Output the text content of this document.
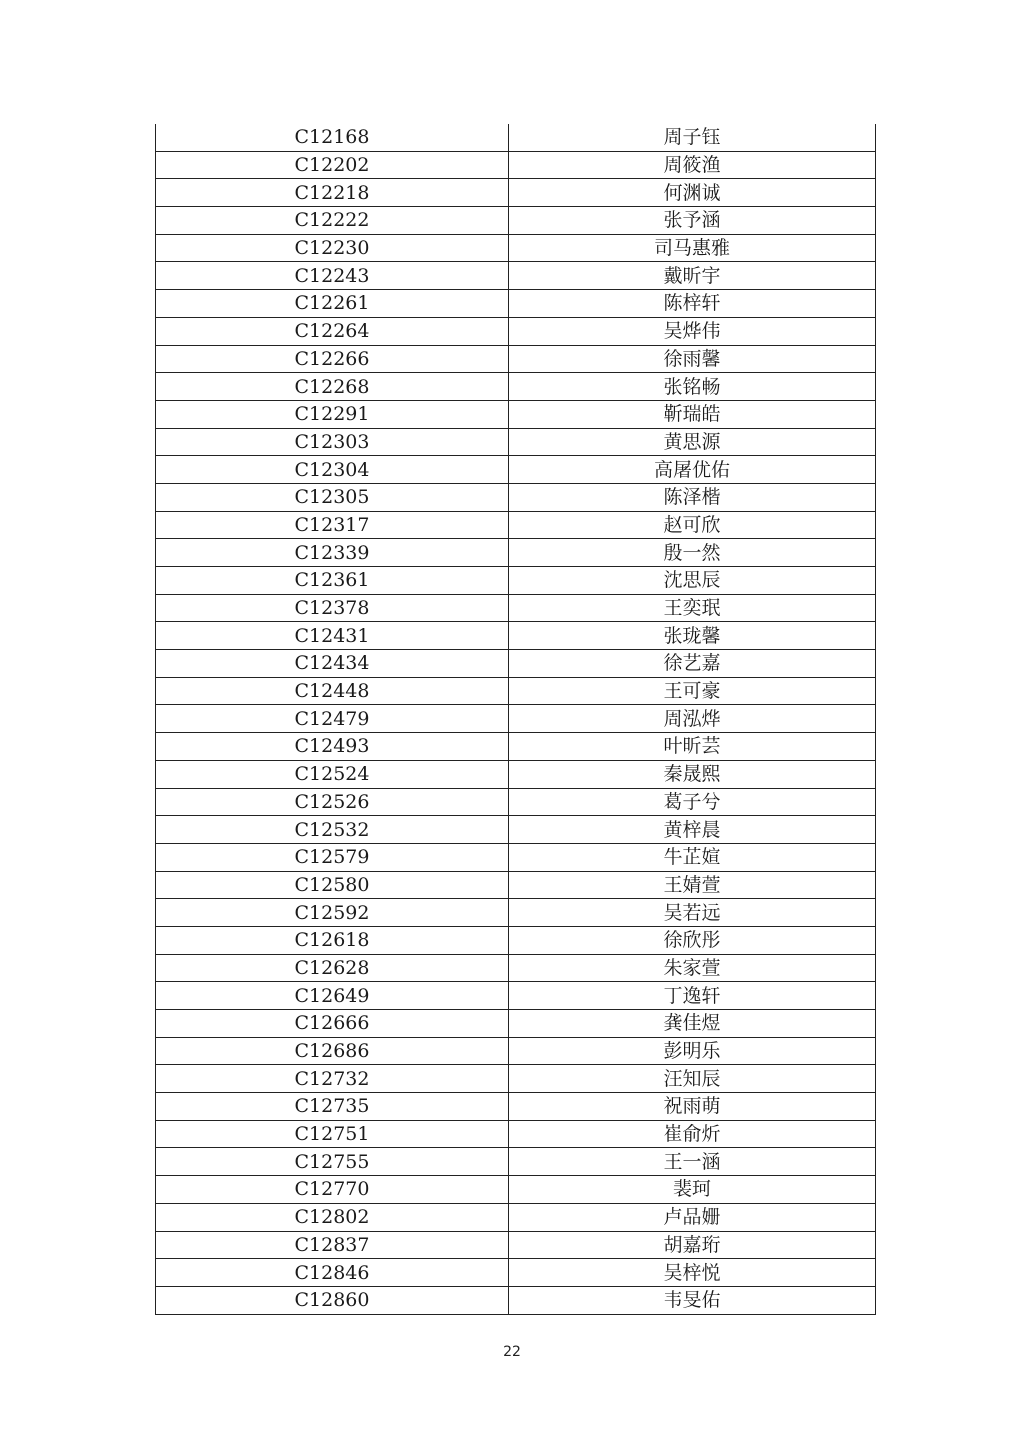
C12168	周子钰
C12202	周筱渔
C12218	何渊诚
C12222	张予涵
C12230	司马惠雅
C12243	戴昕宇
C12261	陈梓轩
C12264	吴烨伟
C12266	徐雨馨
C12268	张铭畅
C12291	靳瑞皓
C12303	黄思源
C12304	高屠优佑
C12305	陈泽楷
C12317	赵可欣
C12339	殷一然
C12361	沈思辰
C12378	王奕珉
C12431	张珑馨
C12434	徐艺嘉
C12448	王可豪
C12479	周泓烨
C12493	叶昕芸
C12524	秦晟熙
C12526	葛子兮
C12532	黄梓晨
C12579	牛芷媗
C12580	王婧萱
C12592	吴若远
C12618	徐欣彤
C12628	朱家萱
C12649	丁逸轩
C12666	龚佳煜
C12686	彭明乐
C12732	汪知辰
C12735	祝雨萌
C12751	崔俞炘
C12755	王一涵
C12770	裴珂
C12802	卢品姗
C12837	胡嘉珩
C12846	吴梓悦
C12860	韦旻佑
22
